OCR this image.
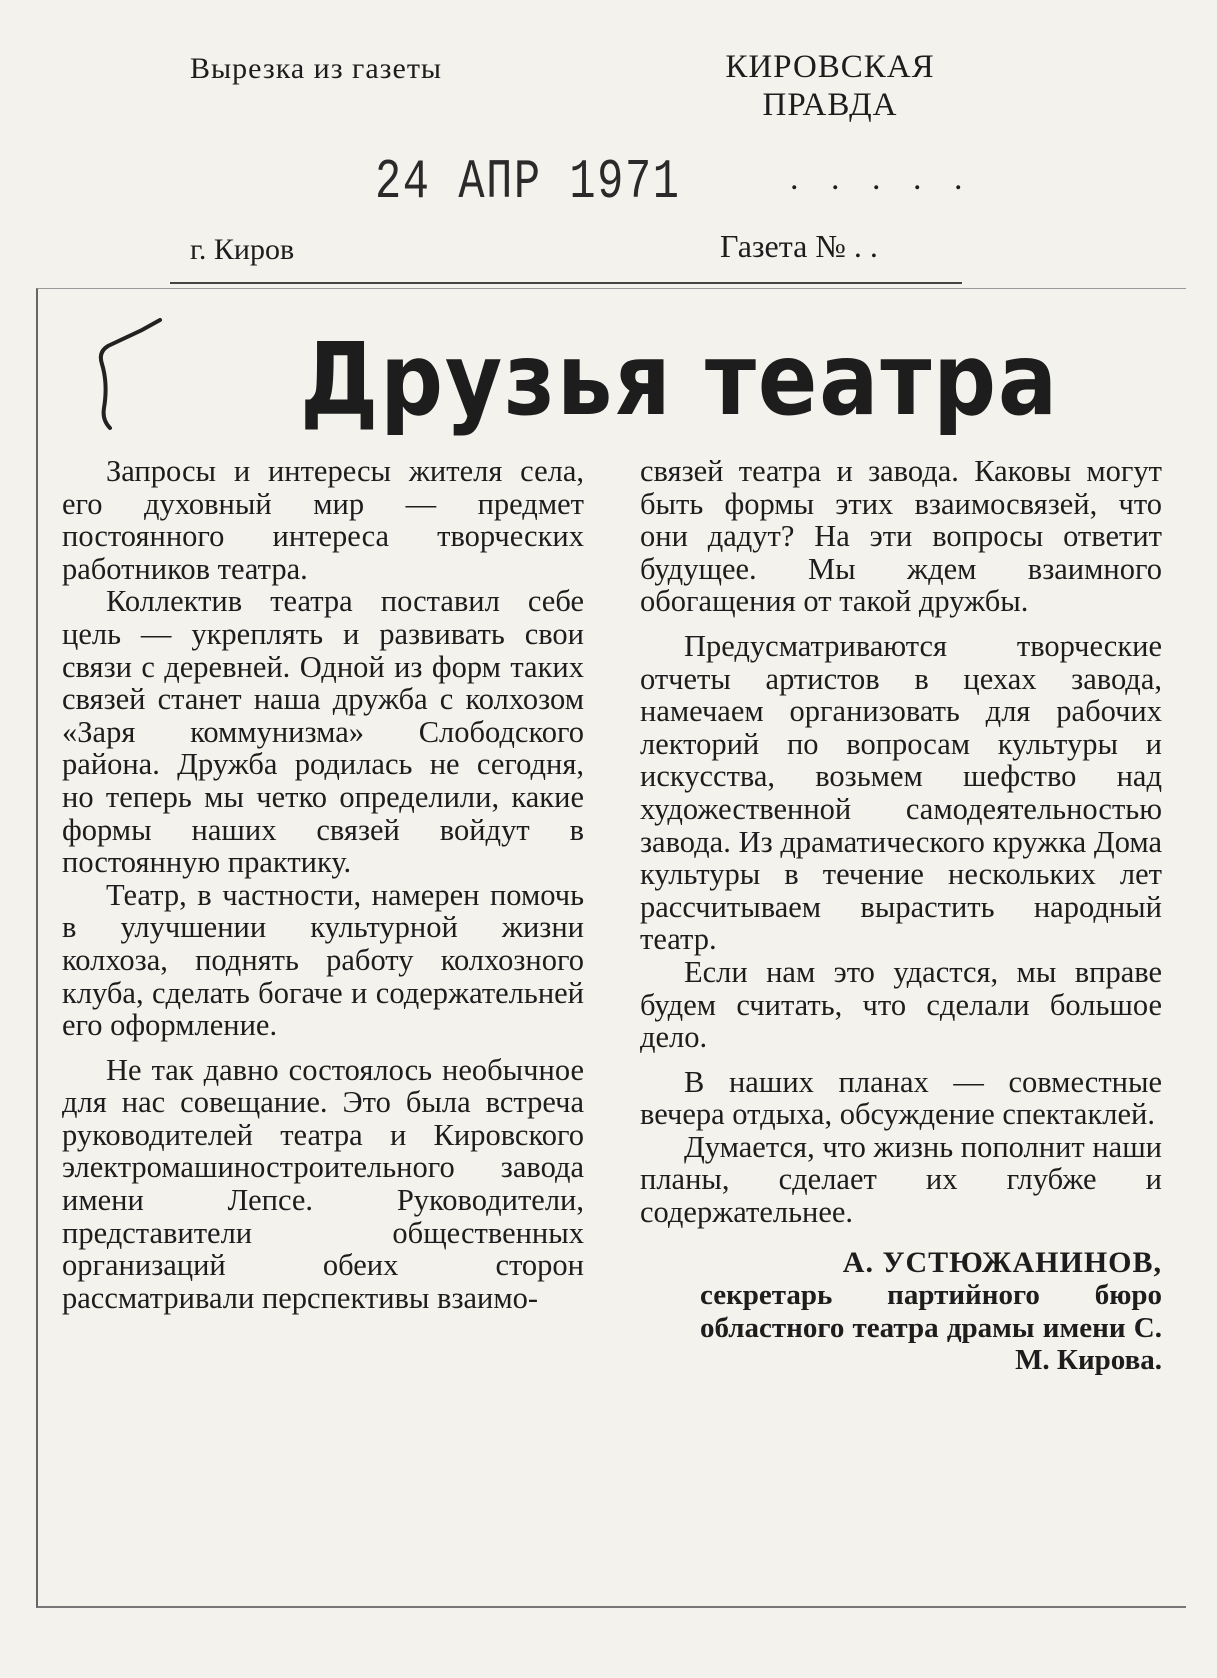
Вырезка из газеты	КИРОВСКАЯ ПРАВДА
24 АПР 1971	. . . . .
г. Киров	Газета № . .
Друзья театра

Запросы и интересы жителя села, его духовный мир — предмет постоянного интереса творческих работников театра.

Коллектив театра поставил себе цель — укреплять и развивать свои связи с деревней. Одной из форм таких связей станет наша дружба с колхозом «Заря коммунизма» Слободского района. Дружба родилась не сегодня, но теперь мы четко определили, какие формы наших связей войдут в постоянную практику.

Театр, в частности, намерен помочь в улучшении культурной жизни колхоза, поднять работу колхозного клуба, сделать богаче и содержательней его оформление.

Не так давно состоялось необычное для нас совещание. Это была встреча руководителей театра и Кировского электромашиностроительного завода имени Лепсе. Руководители, представители общественных организаций обеих сторон рассматривали перспективы взаимо-

связей театра и завода. Каковы могут быть формы этих взаимосвязей, что они дадут? На эти вопросы ответит будущее. Мы ждем взаимного обогащения от такой дружбы.

Предусматриваются творческие отчеты артистов в цехах завода, намечаем организовать для рабочих лекторий по вопросам культуры и искусства, возьмем шефство над художественной самодеятельностью завода. Из драматического кружка Дома культуры в течение нескольких лет рассчитываем вырастить народный театр.

Если нам это удастся, мы вправе будем считать, что сделали большое дело.

В наших планах — совместные вечера отдыха, обсуждение спектаклей.

Думается, что жизнь пополнит наши планы, сделает их глубже и содержательнее.

А. УСТЮЖАНИНОВ,
секретарь партийного бюро областного театра драмы имени С. М. Кирова.
